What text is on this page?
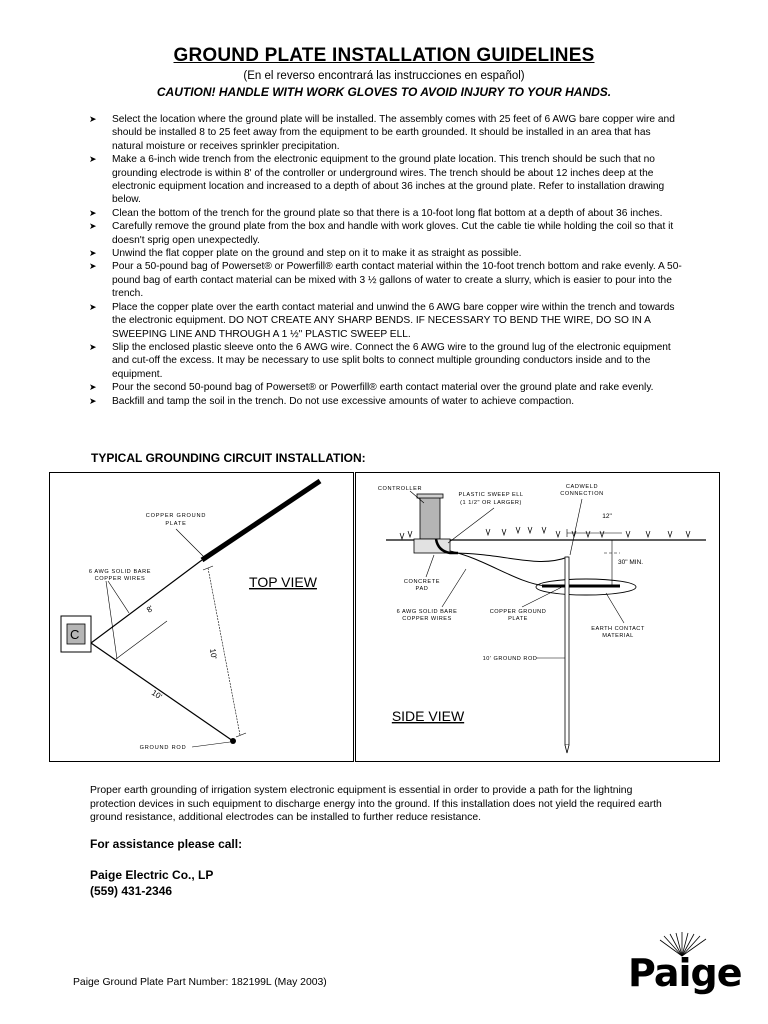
GROUND PLATE INSTALLATION GUIDELINES
(En el reverso encontrará las instrucciones en español)
CAUTION! HANDLE WITH WORK GLOVES TO AVOID INJURY TO YOUR HANDS.
➤ Select the location where the ground plate will be installed. The assembly comes with 25 feet of 6 AWG bare copper wire and should be installed 8 to 25 feet away from the equipment to be earth grounded. It should be installed in an area that has natural moisture or receives sprinkler precipitation.
➤ Make a 6-inch wide trench from the electronic equipment to the ground plate location. This trench should be such that no grounding electrode is within 8' of the controller or underground wires. The trench should be about 12 inches deep at the electronic equipment location and increased to a depth of about 36 inches at the ground plate. Refer to installation drawing below.
➤ Clean the bottom of the trench for the ground plate so that there is a 10-foot long flat bottom at a depth of about 36 inches.
➤ Carefully remove the ground plate from the box and handle with work gloves. Cut the cable tie while holding the coil so that it doesn't sprig open unexpectedly.
➤ Unwind the flat copper plate on the ground and step on it to make it as straight as possible.
➤ Pour a 50-pound bag of Powerset® or Powerfill® earth contact material within the 10-foot trench bottom and rake evenly. A 50-pound bag of earth contact material can be mixed with 3 ½ gallons of water to create a slurry, which is easier to pour into the trench.
➤ Place the copper plate over the earth contact material and unwind the 6 AWG bare copper wire within the trench and towards the electronic equipment. DO NOT CREATE ANY SHARP BENDS. IF NECESSARY TO BEND THE WIRE, DO SO IN A SWEEPING LINE AND THROUGH A 1 ½" PLASTIC SWEEP ELL.
➤ Slip the enclosed plastic sleeve onto the 6 AWG wire. Connect the 6 AWG wire to the ground lug of the electronic equipment and cut-off the excess. It may be necessary to use split bolts to connect multiple grounding conductors inside and to the equipment.
➤ Pour the second 50-pound bag of Powerset® or Powerfill® earth contact material over the ground plate and rake evenly.
➤ Backfill and tamp the soil in the trench. Do not use excessive amounts of water to achieve compaction.
TYPICAL GROUNDING CIRCUIT INSTALLATION:
C
COPPER GROUND
PLATE
6 AWG SOLID BARE
COPPER WIRES
8'
10'
10'
GROUND ROD
TOP VIEW
CONTROLLER
PLASTIC SWEEP ELL
(1 1/2" OR LARGER)
CADWELD
CONNECTION
12"
30" MIN.
CONCRETE
PAD
6 AWG SOLID BARE
COPPER WIRES
COPPER GROUND
PLATE
EARTH CONTACT
MATERIAL
10' GROUND ROD
SIDE VIEW
Proper earth grounding of irrigation system electronic equipment is essential in order to provide a path for the lightning protection devices in such equipment to discharge energy into the ground. If this installation does not yield the required earth ground resistance, additional electrodes can be installed to further reduce resistance.
For assistance please call:
Paige Electric Co., LP
(559) 431-2346
Paige Ground Plate Part Number: 182199L (May 2003)	Paige
